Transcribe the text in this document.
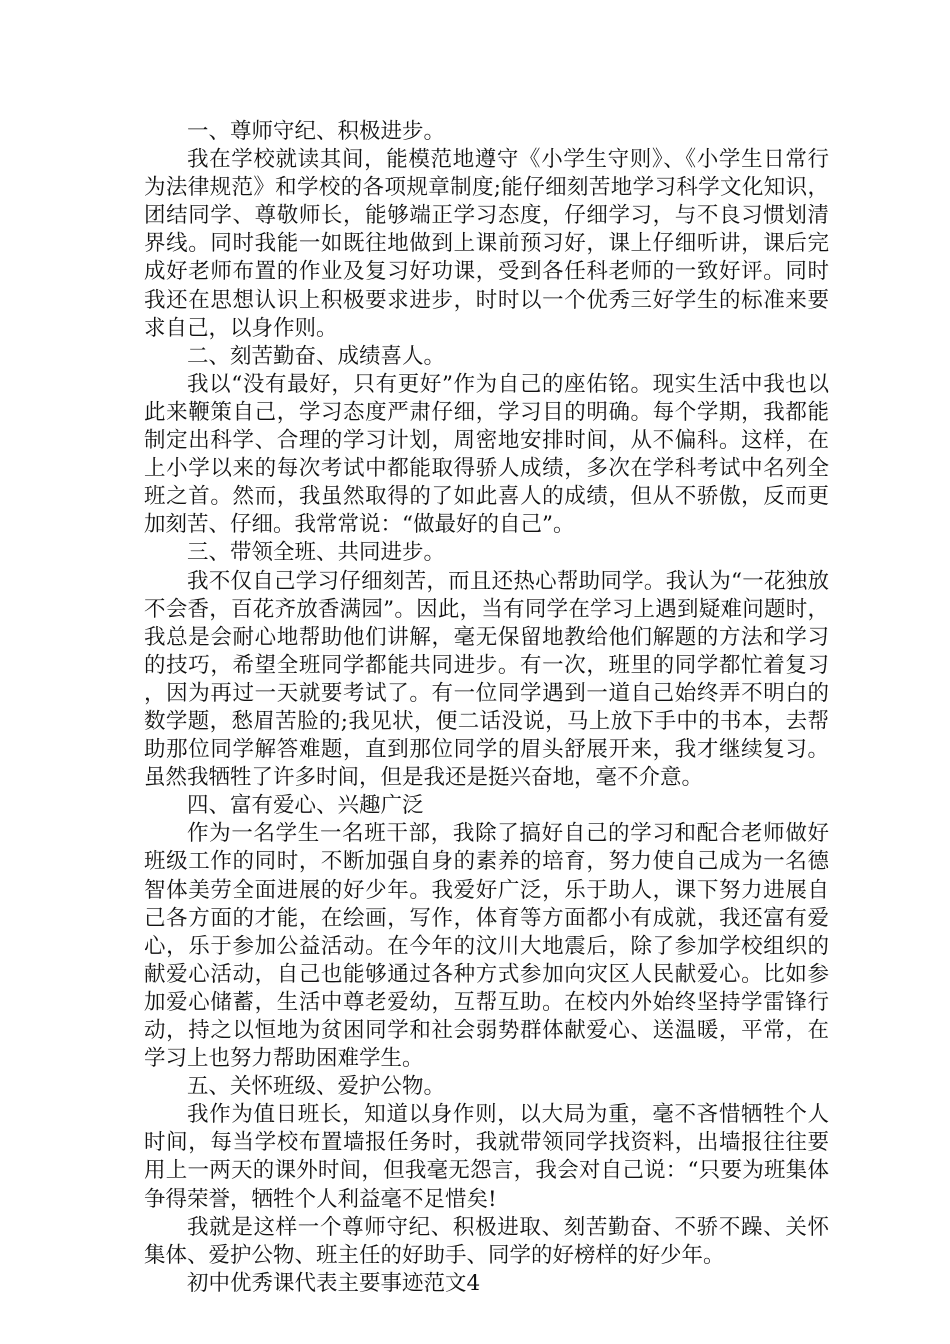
一、尊师守纪、积极进步。

我在学校就读其间，能模范地遵守《小学生守则》、《小学生日常行为法律规范》和学校的各项规章制度;能仔细刻苦地学习科学文化知识，团结同学、尊敬师长，能够端正学习态度，仔细学习，与不良习惯划清界线。同时我能一如既往地做到上课前预习好，课上仔细听讲，课后完成好老师布置的作业及复习好功课，受到各任科老师的一致好评。同时我还在思想认识上积极要求进步，时时以一个优秀三好学生的标准来要求自己，以身作则。

二、刻苦勤奋、成绩喜人。

我以“没有最好，只有更好”作为自己的座佑铭。现实生活中我也以此来鞭策自己，学习态度严肃仔细，学习目的明确。每个学期，我都能制定出科学、合理的学习计划，周密地安排时间，从不偏科。这样，在上小学以来的每次考试中都能取得骄人成绩，多次在学科考试中名列全班之首。然而，我虽然取得的了如此喜人的成绩，但从不骄傲，反而更加刻苦、仔细。我常常说：“做最好的自己”。

三、带领全班、共同进步。

我不仅自己学习仔细刻苦，而且还热心帮助同学。我认为“一花独放不会香，百花齐放香满园”。因此，当有同学在学习上遇到疑难问题时，我总是会耐心地帮助他们讲解，毫无保留地教给他们解题的方法和学习的技巧，希望全班同学都能共同进步。有一次，班里的同学都忙着复习，因为再过一天就要考试了。有一位同学遇到一道自己始终弄不明白的数学题，愁眉苦脸的;我见状，便二话没说，马上放下手中的书本，去帮助那位同学解答难题，直到那位同学的眉头舒展开来，我才继续复习。虽然我牺牲了许多时间，但是我还是挺兴奋地，毫不介意。

四、富有爱心、兴趣广泛

作为一名学生一名班干部，我除了搞好自己的学习和配合老师做好班级工作的同时，不断加强自身的素养的培育，努力使自己成为一名德智体美劳全面进展的好少年。我爱好广泛，乐于助人，课下努力进展自己各方面的才能，在绘画，写作，体育等方面都小有成就，我还富有爱心，乐于参加公益活动。在今年的汶川大地震后，除了参加学校组织的献爱心活动，自己也能够通过各种方式参加向灾区人民献爱心。比如参加爱心储蓄，生活中尊老爱幼，互帮互助。在校内外始终坚持学雷锋行动，持之以恒地为贫困同学和社会弱势群体献爱心、送温暖，平常，在学习上也努力帮助困难学生。

五、关怀班级、爱护公物。

我作为值日班长，知道以身作则，以大局为重，毫不吝惜牺牲个人时间，每当学校布置墙报任务时，我就带领同学找资料，出墙报往往要用上一两天的课外时间，但我毫无怨言，我会对自己说：“只要为班集体争得荣誉，牺牲个人利益毫不足惜矣!

我就是这样一个尊师守纪、积极进取、刻苦勤奋、不骄不躁、关怀集体、爱护公物、班主任的好助手、同学的好榜样的好少年。

初中优秀课代表主要事迹范文4
